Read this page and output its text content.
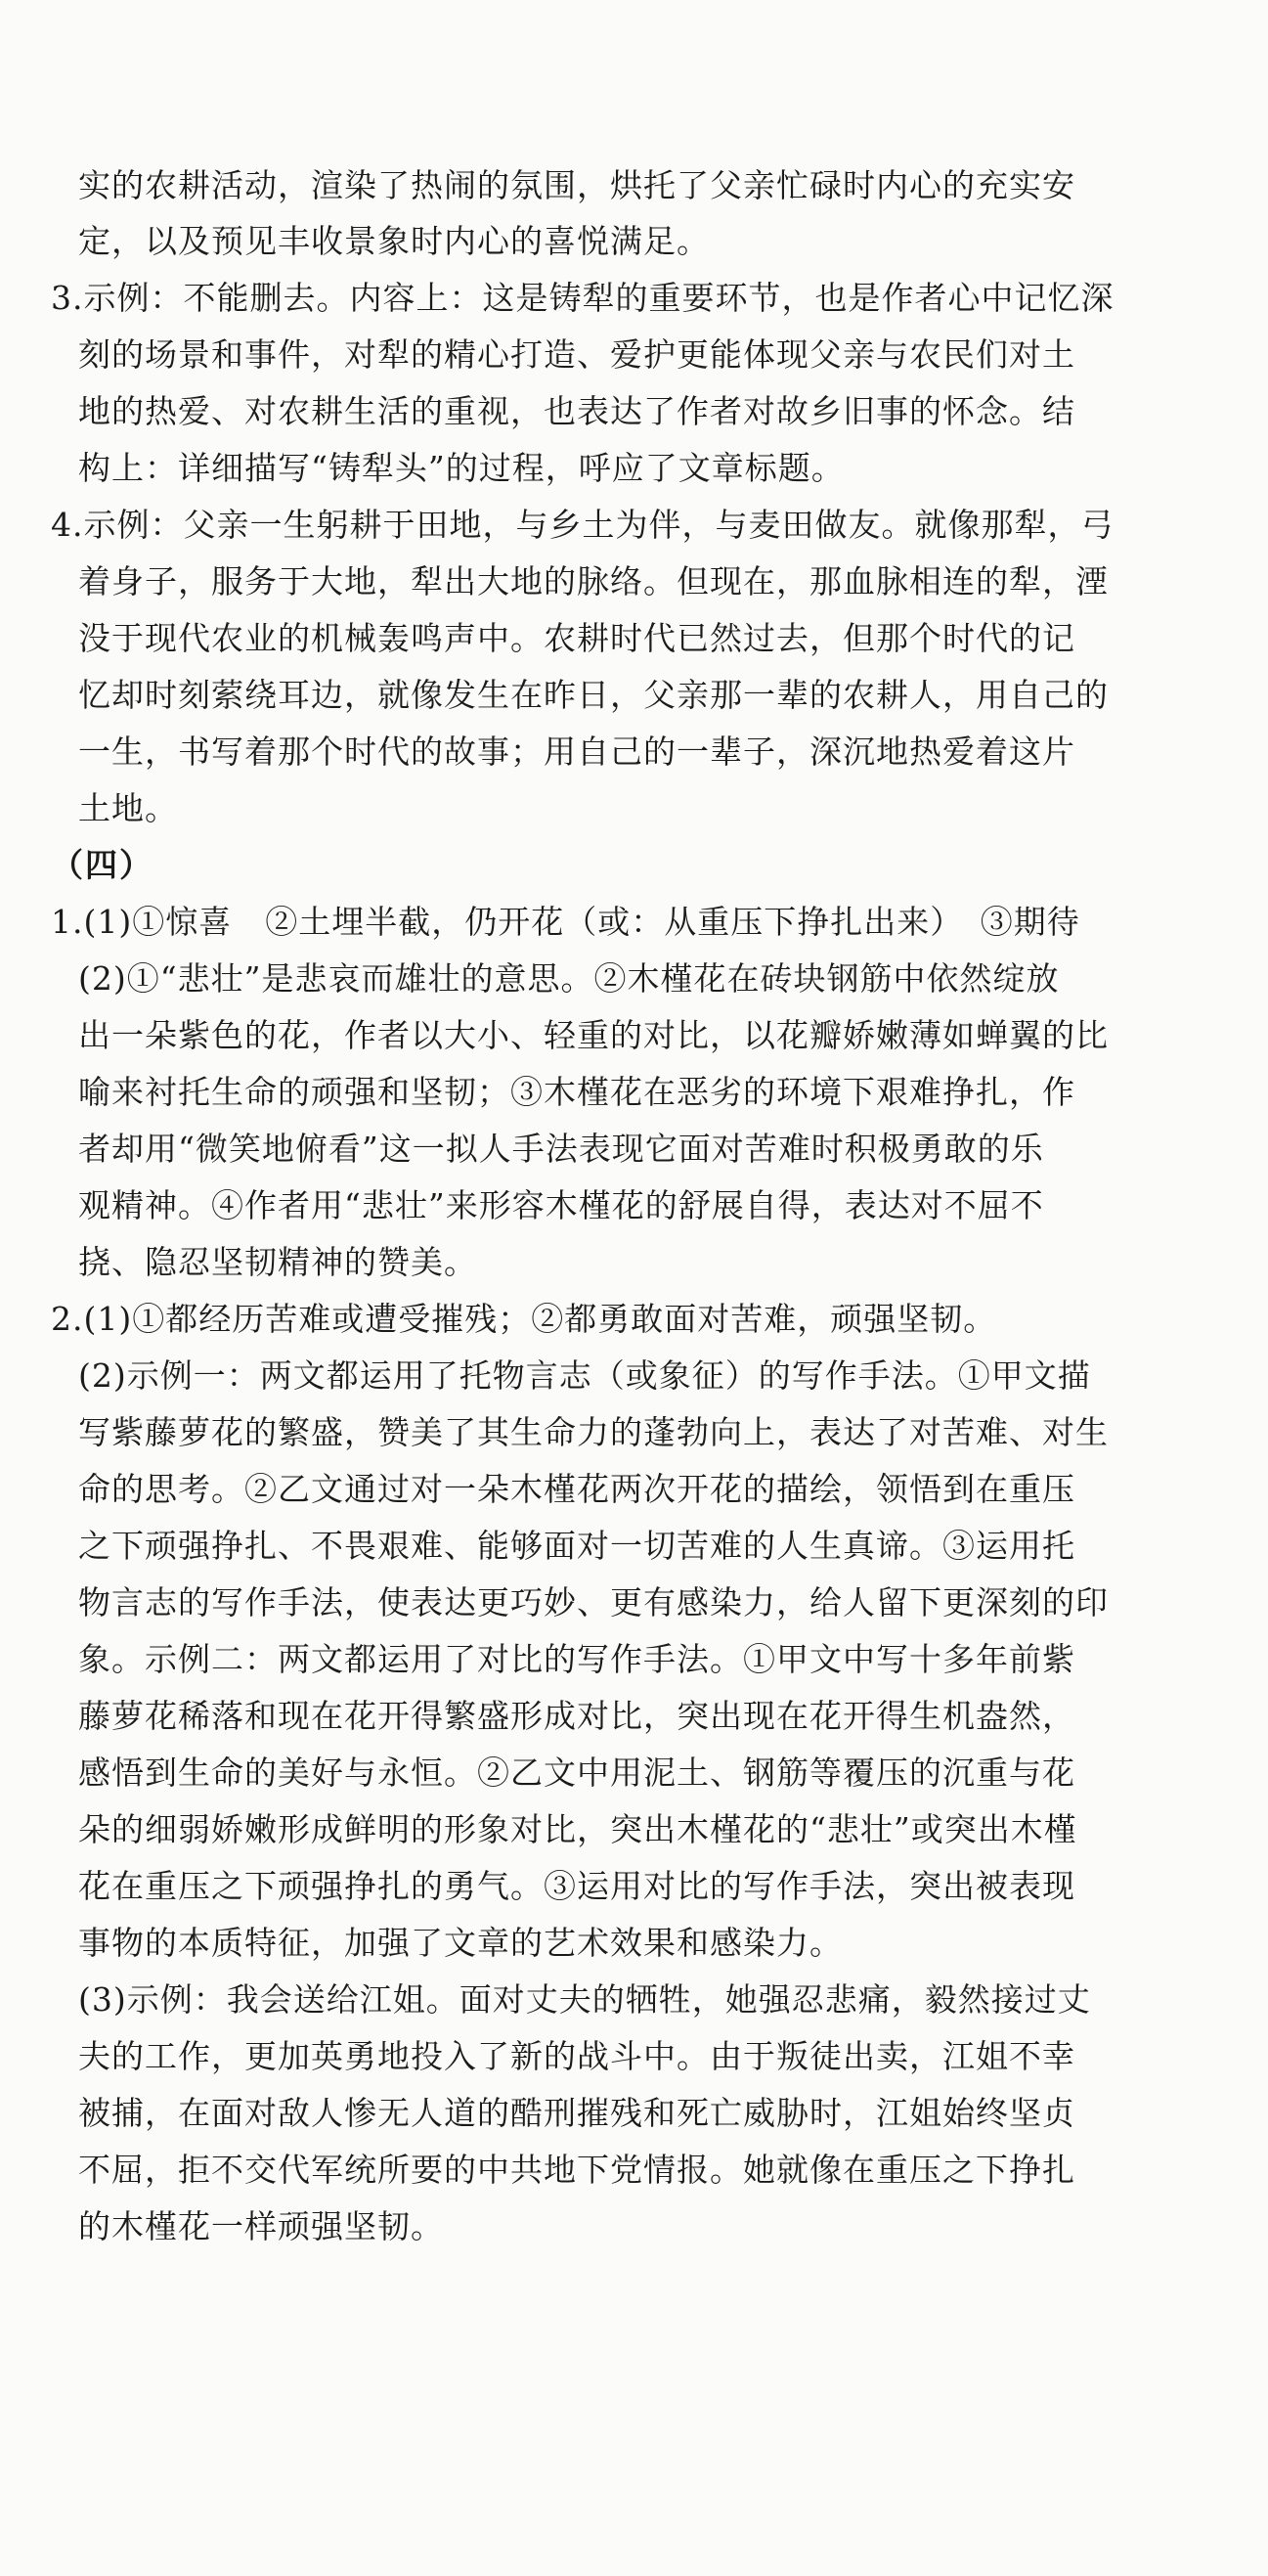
实的农耕活动，渲染了热闹的氛围，烘托了父亲忙碌时内心的充实安
定，以及预见丰收景象时内心的喜悦满足。
3.示例：不能删去。内容上：这是铸犁的重要环节，也是作者心中记忆深
刻的场景和事件，对犁的精心打造、爱护更能体现父亲与农民们对土
地的热爱、对农耕生活的重视，也表达了作者对故乡旧事的怀念。结
构上：详细描写“铸犁头”的过程，呼应了文章标题。
4.示例：父亲一生躬耕于田地，与乡土为伴，与麦田做友。就像那犁，弓
着身子，服务于大地，犁出大地的脉络。但现在，那血脉相连的犁，湮
没于现代农业的机械轰鸣声中。农耕时代已然过去，但那个时代的记
忆却时刻萦绕耳边，就像发生在昨日，父亲那一辈的农耕人，用自己的
一生，书写着那个时代的故事；用自己的一辈子，深沉地热爱着这片
土地。
（四）
1.(1)①惊喜　②土埋半截，仍开花（或：从重压下挣扎出来）　③期待
(2)①“悲壮”是悲哀而雄壮的意思。②木槿花在砖块钢筋中依然绽放
出一朵紫色的花，作者以大小、轻重的对比，以花瓣娇嫩薄如蝉翼的比
喻来衬托生命的顽强和坚韧；③木槿花在恶劣的环境下艰难挣扎，作
者却用“微笑地俯看”这一拟人手法表现它面对苦难时积极勇敢的乐
观精神。④作者用“悲壮”来形容木槿花的舒展自得，表达对不屈不
挠、隐忍坚韧精神的赞美。
2.(1)①都经历苦难或遭受摧残；②都勇敢面对苦难，顽强坚韧。
(2)示例一：两文都运用了托物言志（或象征）的写作手法。①甲文描
写紫藤萝花的繁盛，赞美了其生命力的蓬勃向上，表达了对苦难、对生
命的思考。②乙文通过对一朵木槿花两次开花的描绘，领悟到在重压
之下顽强挣扎、不畏艰难、能够面对一切苦难的人生真谛。③运用托
物言志的写作手法，使表达更巧妙、更有感染力，给人留下更深刻的印
象。示例二：两文都运用了对比的写作手法。①甲文中写十多年前紫
藤萝花稀落和现在花开得繁盛形成对比，突出现在花开得生机盎然，
感悟到生命的美好与永恒。②乙文中用泥土、钢筋等覆压的沉重与花
朵的细弱娇嫩形成鲜明的形象对比，突出木槿花的“悲壮”或突出木槿
花在重压之下顽强挣扎的勇气。③运用对比的写作手法，突出被表现
事物的本质特征，加强了文章的艺术效果和感染力。
(3)示例：我会送给江姐。面对丈夫的牺牲，她强忍悲痛，毅然接过丈
夫的工作，更加英勇地投入了新的战斗中。由于叛徒出卖，江姐不幸
被捕，在面对敌人惨无人道的酷刑摧残和死亡威胁时，江姐始终坚贞
不屈，拒不交代军统所要的中共地下党情报。她就像在重压之下挣扎
的木槿花一样顽强坚韧。
